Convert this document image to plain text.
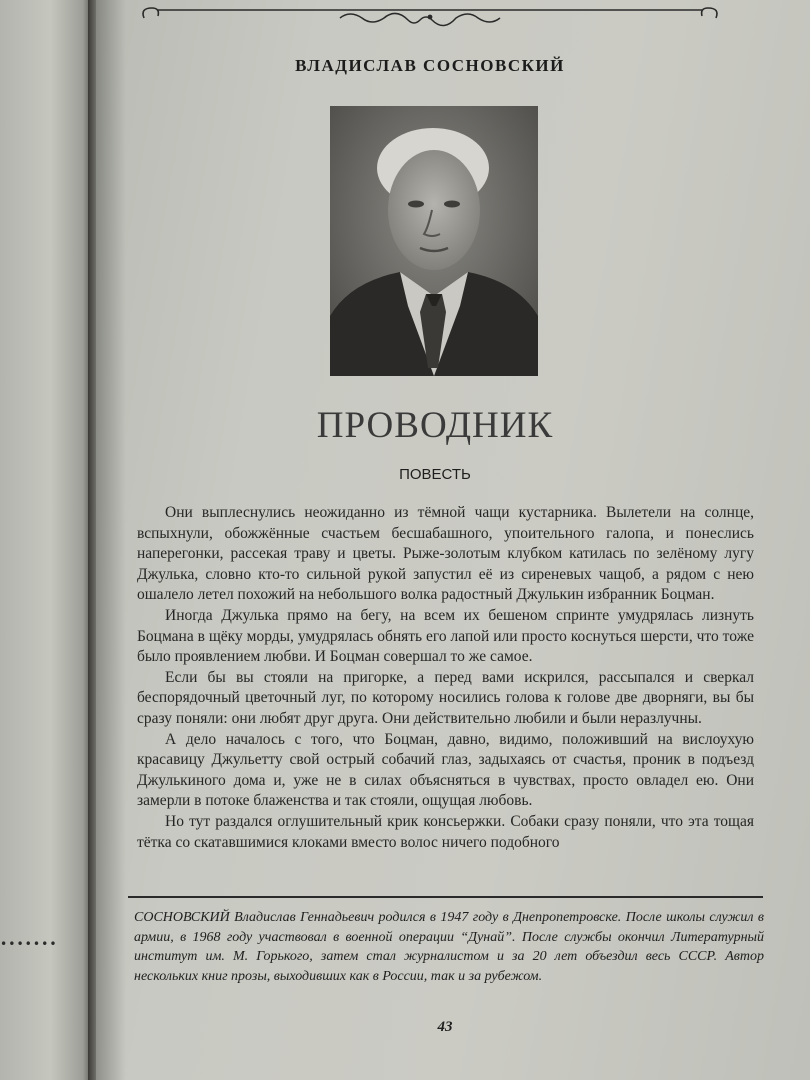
•••••••
ВЛАДИСЛАВ СОСНОВСКИЙ
ПРОВОДНИК
ПОВЕСТЬ

Они выплеснулись неожиданно из тёмной чащи кустарника. Вылетели на солнце, вспыхнули, обожжённые счастьем бесшабашного, упоительного галопа, и понеслись наперегонки, рассекая траву и цветы. Рыже-золотым клубком катилась по зелёному лугу Джулька, словно кто-то сильной рукой запустил её из сиреневых чащоб, а рядом с нею ошалело летел похожий на небольшого волка радостный Джулькин избранник Боцман.

Иногда Джулька прямо на бегу, на всем их бешеном спринте умудрялась лизнуть Боцмана в щёку морды, умудрялась обнять его лапой или просто коснуться шерсти, что тоже было проявлением любви. И Боцман совершал то же самое.

Если бы вы стояли на пригорке, а перед вами искрился, рассыпался и сверкал беспорядочный цветочный луг, по которому носились голова к голове две дворняги, вы бы сразу поняли: они любят друг друга. Они действительно любили и были неразлучны.

А дело началось с того, что Боцман, давно, видимо, положивший на вислоухую красавицу Джульетту свой острый собачий глаз, задыхаясь от счастья, проник в подъезд Джулькиного дома и, уже не в силах объясняться в чувствах, просто овладел ею. Они замерли в потоке блаженства и так стояли, ощущая любовь.

Но тут раздался оглушительный крик консьержки. Собаки сразу поняли, что эта тощая тётка со скатавшимися клоками вместо волос ничего подобного

СОСНОВСКИЙ Владислав Геннадьевич родился в 1947 году в Днепропетровске. После школы служил в армии, в 1968 году участвовал в военной операции “Дунай”. После службы окончил Литературный институт им. М. Горького, затем стал журналистом и за 20 лет объездил весь СССР. Автор нескольких книг прозы, выходивших как в России, так и за рубежом.
43
